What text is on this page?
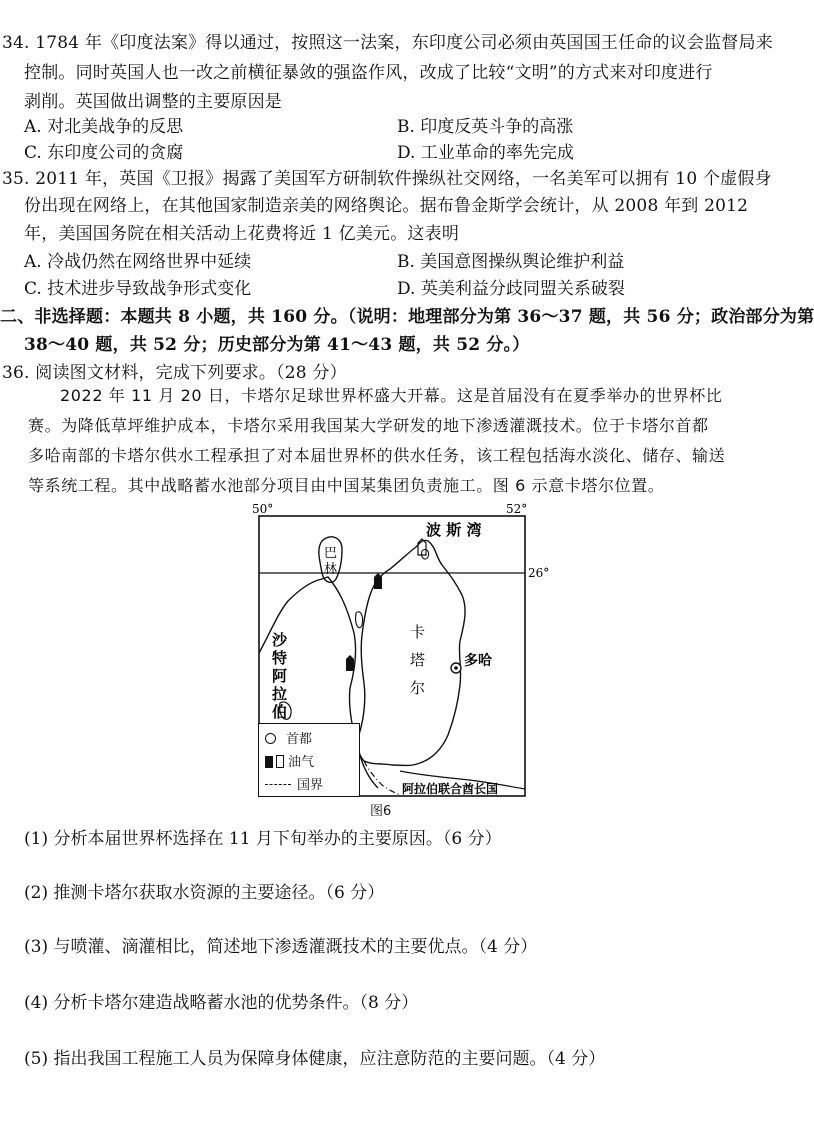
34. 1784 年《印度法案》得以通过，按照这一法案，东印度公司必须由英国国王任命的议会监督局来
控制。同时英国人也一改之前横征暴敛的强盗作风，改成了比较“文明”的方式来对印度进行
剥削。英国做出调整的主要原因是
A. 对北美战争的反思	B. 印度反英斗争的高涨
C. 东印度公司的贪腐	D. 工业革命的率先完成
35. 2011 年，英国《卫报》揭露了美国军方研制软件操纵社交网络，一名美军可以拥有 10 个虚假身
份出现在网络上，在其他国家制造亲美的网络舆论。据布鲁金斯学会统计，从 2008 年到 2012
年，美国国务院在相关活动上花费将近 1 亿美元。这表明
A. 冷战仍然在网络世界中延续	B. 美国意图操纵舆论维护利益
C. 技术进步导致战争形式变化	D. 英美利益分歧同盟关系破裂
二、非选择题：本题共 8 小题，共 160 分。（说明：地理部分为第 36～37 题，共 56 分；政治部分为第
38～40 题，共 52 分；历史部分为第 41～43 题，共 52 分。）
36. 阅读图文材料，完成下列要求。（28 分）

2022 年 11 月 20 日，卡塔尔足球世界杯盛大开幕。这是首届没有在夏季举办的世界杯比

赛。为降低草坪维护成本，卡塔尔采用我国某大学研发的地下渗透灌溉技术。位于卡塔尔首都
多哈南部的卡塔尔供水工程承担了对本届世界杯的供水任务，该工程包括海水淡化、储存、输送
等系统工程。其中战略蓄水池部分项目由中国某集团负责施工。图 6 示意卡塔尔位置。
50°	52°
26°
波 斯 湾
巴
林
沙
特
阿
拉
伯
卡
塔
尔
多哈
阿拉伯联合酋长国
首都
油气
国界
图6
(1) 分析本届世界杯选择在 11 月下旬举办的主要原因。（6 分）
(2) 推测卡塔尔获取水资源的主要途径。（6 分）
(3) 与喷灌、滴灌相比，简述地下渗透灌溉技术的主要优点。（4 分）
(4) 分析卡塔尔建造战略蓄水池的优势条件。（8 分）
(5) 指出我国工程施工人员为保障身体健康，应注意防范的主要问题。（4 分）
